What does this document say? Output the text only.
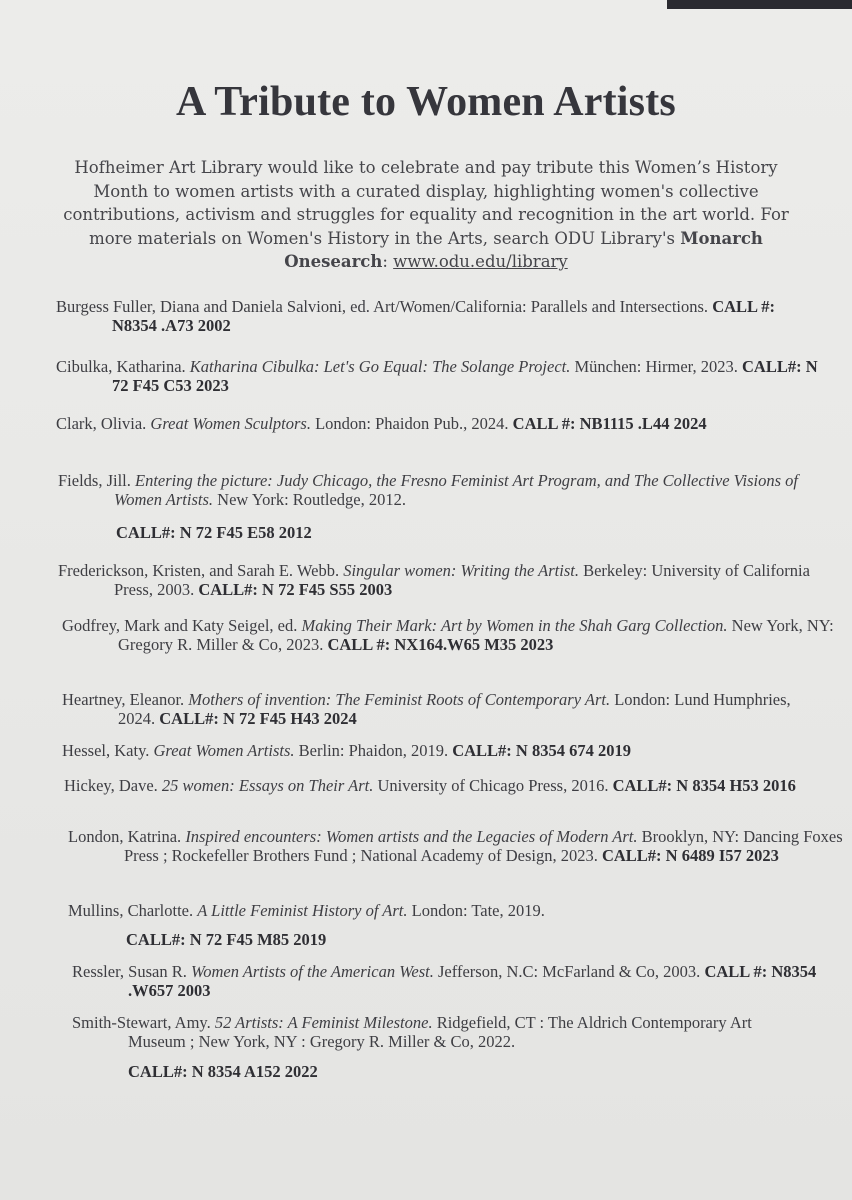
A Tribute to Women Artists
Hofheimer Art Library would like to celebrate and pay tribute this Women’s History Month to women artists with a curated display, highlighting women's collective contributions, activism and struggles for equality and recognition in the art world. For more materials on Women's History in the Arts, search ODU Library's Monarch Onesearch: www.odu.edu/library
Burgess Fuller, Diana and Daniela Salvioni, ed. Art/Women/California: Parallels and Intersections. CALL #: N8354 .A73 2002
Cibulka, Katharina. Katharina Cibulka: Let's Go Equal: The Solange Project. München: Hirmer, 2023. CALL#: N 72 F45 C53 2023
Clark, Olivia. Great Women Sculptors. London: Phaidon Pub., 2024. CALL #: NB1115 .L44 2024
Fields, Jill. Entering the picture: Judy Chicago, the Fresno Feminist Art Program, and The Collective Visions of Women Artists. New York: Routledge, 2012.
CALL#: N 72 F45 E58 2012
Frederickson, Kristen, and Sarah E. Webb. Singular women: Writing the Artist. Berkeley: University of California Press, 2003. CALL#: N 72 F45 S55 2003
Godfrey, Mark and Katy Seigel, ed. Making Their Mark: Art by Women in the Shah Garg Collection. New York, NY: Gregory R. Miller & Co, 2023. CALL #: NX164.W65 M35 2023
Heartney, Eleanor. Mothers of invention: The Feminist Roots of Contemporary Art. London: Lund Humphries, 2024. CALL#: N 72 F45 H43 2024
Hessel, Katy. Great Women Artists. Berlin: Phaidon, 2019. CALL#: N 8354 674 2019
Hickey, Dave. 25 women: Essays on Their Art. University of Chicago Press, 2016. CALL#: N 8354 H53 2016
London, Katrina. Inspired encounters: Women artists and the Legacies of Modern Art. Brooklyn, NY: Dancing Foxes Press ; Rockefeller Brothers Fund ; National Academy of Design, 2023. CALL#: N 6489 I57 2023
Mullins, Charlotte. A Little Feminist History of Art. London: Tate, 2019.
CALL#: N 72 F45 M85 2019
Ressler, Susan R. Women Artists of the American West. Jefferson, N.C: McFarland & Co, 2003. CALL #: N8354 .W657 2003
Smith-Stewart, Amy. 52 Artists: A Feminist Milestone. Ridgefield, CT : The Aldrich Contemporary Art Museum ; New York, NY : Gregory R. Miller & Co, 2022.
CALL#: N 8354 A152 2022
